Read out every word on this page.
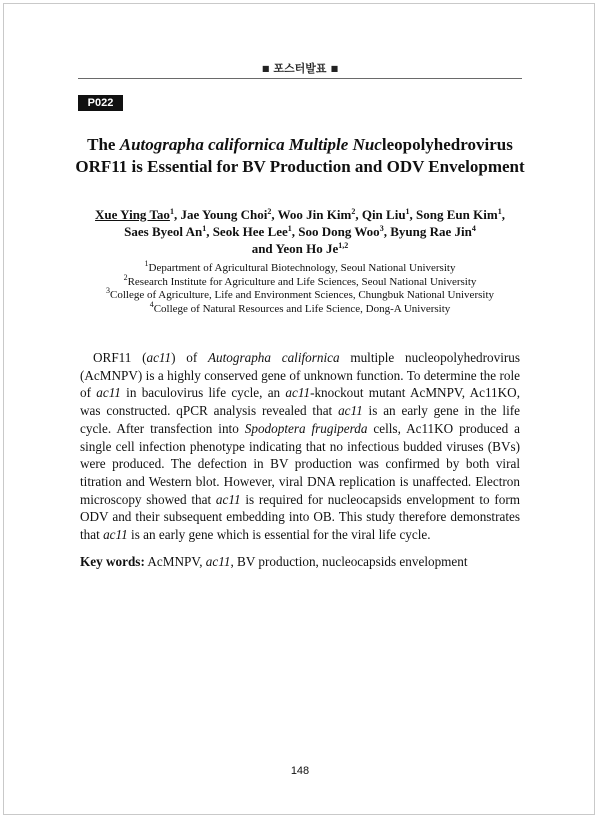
■ 포스터발표 ■
P022
The Autographa californica Multiple Nucleopolyhedrovirus
ORF11 is Essential for BV Production and ODV Envelopment
Xue Ying Tao$^1$, Jae Young Choi$^2$, Woo Jin Kim$^2$, Qin Liu$^1$, Song Eun Kim$^1$,
Saes Byeol An$^1$, Seok Hee Lee$^1$, Soo Dong Woo$^3$, Byung Rae Jin$^4$
and Yeon Ho Je$^{1,2}$
$^1$Department of Agricultural Biotechnology, Seoul National University
$^2$Research Institute for Agriculture and Life Sciences, Seoul National University
$^3$College of Agriculture, Life and Environment Sciences, Chungbuk National University
$^4$College of Natural Resources and Life Science, Dong-A University

ORF11 (ac11) of Autographa californica multiple nucleopolyhedrovirus (AcMNPV) is a highly conserved gene of unknown function. To determine the role of ac11 in baculovirus life cycle, an ac11-knockout mutant AcMNPV, Ac11KO, was constructed. qPCR analysis revealed that ac11 is an early gene in the life cycle. After transfection into Spodoptera frugiperda cells, Ac11KO produced a single cell infection phenotype indicating that no infectious budded viruses (BVs) were produced. The defection in BV production was confirmed by both viral titration and Western blot. However, viral DNA replication is unaffected. Electron microscopy showed that ac11 is required for nucleocapsids envelopment to form ODV and their subsequent embedding into OB. This study therefore demonstrates that ac11 is an early gene which is essential for the viral life cycle.

Key words: AcMNPV, ac11, BV production, nucleocapsids envelopment

148
